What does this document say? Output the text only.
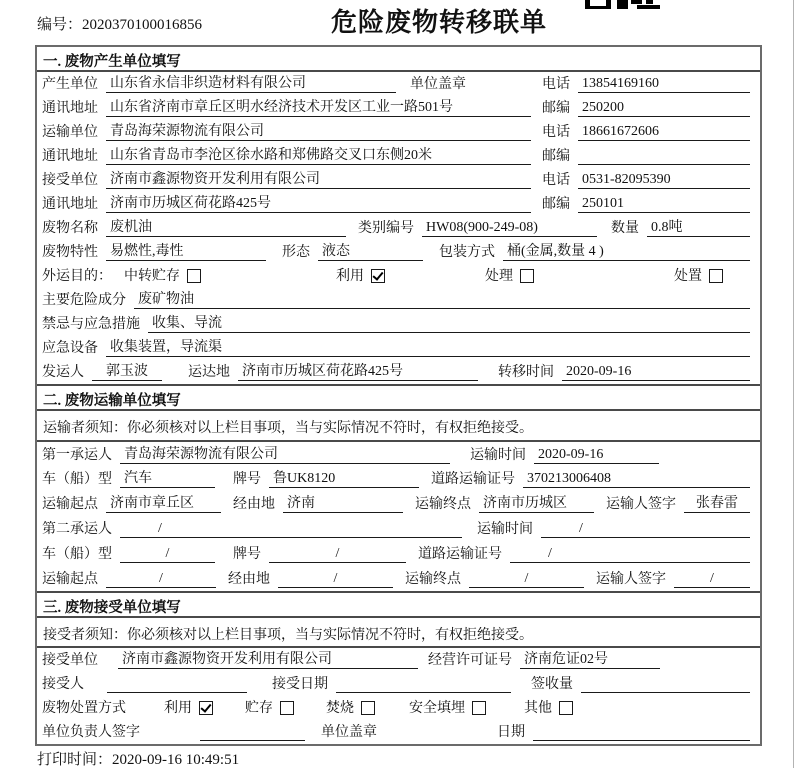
编号：2020370100016856	危险废物转移联单
一. 废物产生单位填写
产生单位 山东省永信非织造材料有限公司	单位盖章	电话 13854169160
通讯地址 山东省济南市章丘区明水经济技术开发区工业一路501号	邮编 250200
运输单位 青岛海荣源物流有限公司	电话 18661672606
通讯地址 山东省青岛市李沧区徐水路和郑佛路交叉口东侧20米	邮编
接受单位 济南市鑫源物资开发利用有限公司	电话 0531-82095390
通讯地址 济南市历城区荷花路425号	邮编 250101
废物名称 废机油	类别编号 HW08(900-249-08)	数量 0.8吨
废物特性 易燃性,毒性	形态 液态	包装方式 桶(金属,数量 4 )
外运目的： 中转贮存	利用	处理	处置
主要危险成分 废矿物油
禁忌与应急措施 收集、导流
应急设备 收集装置，导流渠
发运人	郭玉波	运达地 济南市历城区荷花路425号	转移时间 2020-09-16
二. 废物运输单位填写
运输者须知：你必须核对以上栏目事项，当与实际情况不符时，有权拒绝接受。
第一承运人 青岛海荣源物流有限公司	运输时间 2020-09-16
车（船）型 汽车	牌号 鲁UK8120	道路运输证号 370213006408
运输起点 济南市章丘区	经由地 济南	运输终点 济南市历城区	运输人签字	张春雷
第二承运人	/	运输时间	/
车（船）型	/	牌号	/	道路运输证号	/
运输起点	/	经由地	/	运输终点	/	运输人签字	/
三. 废物接受单位填写
接受者须知：你必须核对以上栏目事项，当与实际情况不符时，有权拒绝接受。
接受单位 济南市鑫源物资开发利用有限公司	经营许可证号 济南危证02号
接受人	接受日期	签收量
废物处置方式	利用	贮存	焚烧	安全填埋	其他
单位负责人签字	单位盖章	日期
打印时间：2020-09-16 10:49:51
